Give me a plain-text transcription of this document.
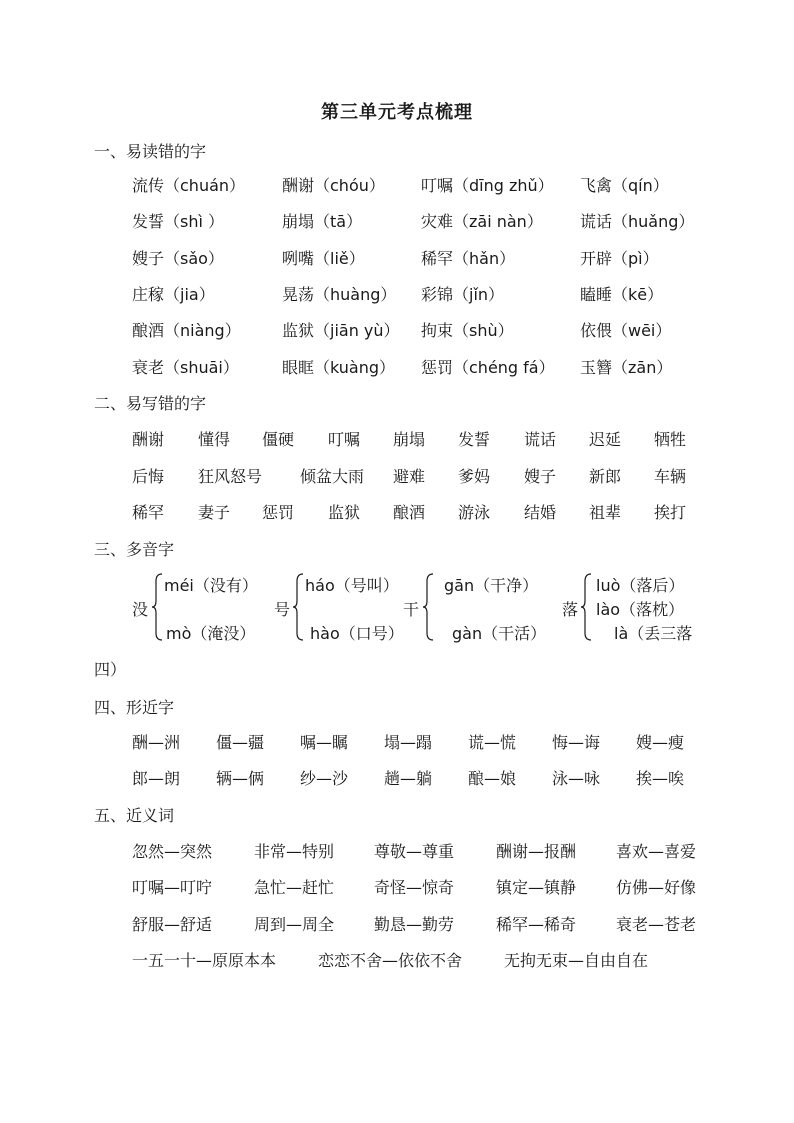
第三单元考点梳理
一、易读错的字
流传（chuán） 酬谢（chóu） 叮嘱（dīng zhǔ） 飞禽（qín）
发誓（shì ）	崩塌（tā）	灾难（zāi nàn） 谎话（huǎng）
嫂子（sǎo）	咧嘴（liě）	稀罕（hǎn）	开辟（pì）
庄稼（jia）	晃荡（huàng） 彩锦（jǐn）	瞌睡（kē）
酿酒（niàng）	监狱（jiān yù） 拘束（shù）	依偎（wēi）
衰老（shuāi）	眼眶（kuàng） 惩罚（chéng fá） 玉簪（zān）
二、易写错的字
酬谢 懂得 僵硬 叮嘱 崩塌 发誓 谎话 迟延 牺牲
后悔 狂风怒号 倾盆大雨 避难 爹妈 嫂子 新郎 车辆
稀罕 妻子 惩罚 监狱 酿酒 游泳 结婚 祖辈 挨打
三、多音字
没
méi（没有）
mò（淹没）
号
háo（号叫）
hào（口号）
干
gān（干净）
gàn（干活）
落
luò（落后）
lào（落枕）
là（丢三落
四）
四、形近字
酬—洲 僵—疆 嘱—瞩 塌—蹋 谎—慌 悔—诲 嫂—瘦
郎—朗 辆—俩 纱—沙 趟—躺 酿—娘 泳—咏 挨—唉
五、近义词
忽然—突然	非常—特别 尊敬—尊重	酬谢—报酬 喜欢—喜爱
叮嘱—叮咛	急忙—赶忙 奇怪—惊奇	镇定—镇静 仿佛—好像
舒服—舒适	周到—周全 勤恳—勤劳	稀罕—稀奇 衰老—苍老
一五一十—原原本本	恋恋不舍—依依不舍	无拘无束—自由自在
